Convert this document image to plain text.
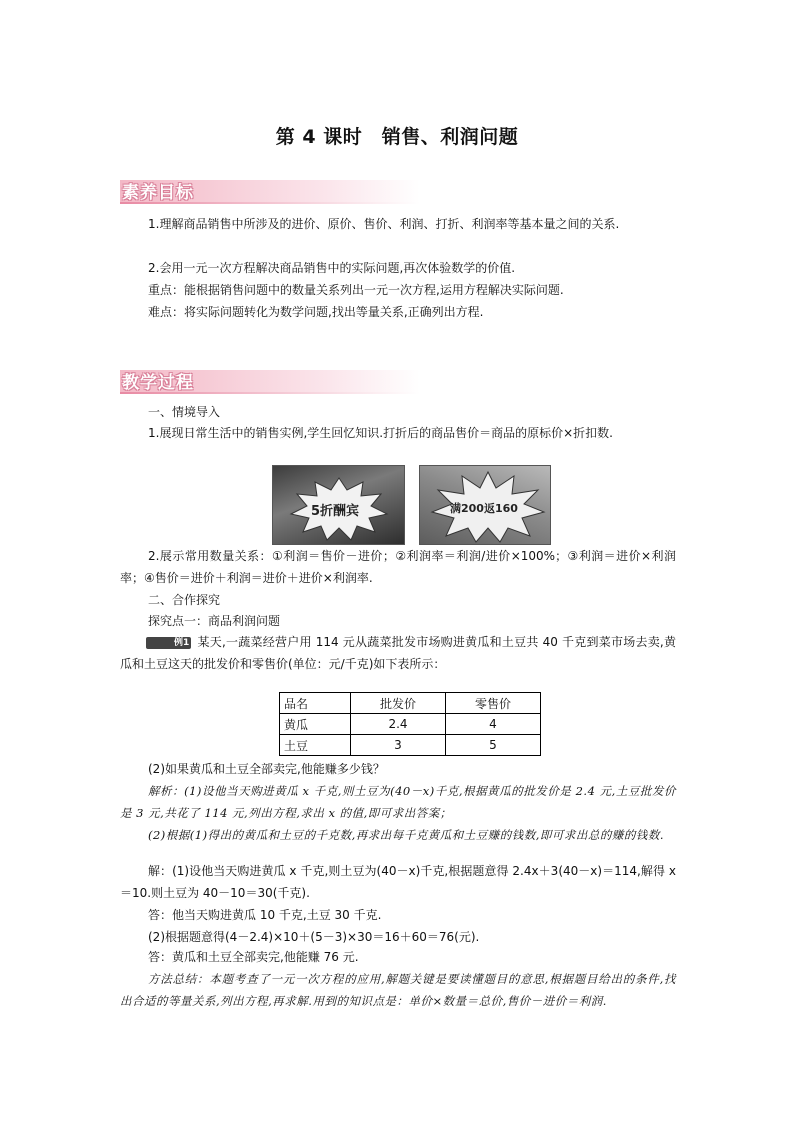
第 4 课时　销售、利润问题
素养目标
1.理解商品销售中所涉及的进价、原价、售价、利润、打折、利润率等基本量之间的关系.
2.会用一元一次方程解决商品销售中的实际问题,再次体验数学的价值.
重点：能根据销售问题中的数量关系列出一元一次方程,运用方程解决实际问题.
难点：将实际问题转化为数学问题,找出等量关系,正确列出方程.
教学过程
一、情境导入
1.展现日常生活中的销售实例,学生回忆知识.打折后的商品售价＝商品的原标价×折扣数.
5折酬宾	满200返160
2.展示常用数量关系：①利润＝售价－进价；②利润率＝利润/进价×100%；③利润＝进价×利润率；④售价＝进价＋利润＝进价＋进价×利润率.
二、合作探究
探究点一：商品利润问题
例1 某天,一蔬菜经营户用 114 元从蔬菜批发市场购进黄瓜和土豆共 40 千克到菜市场去卖,黄瓜和土豆这天的批发价和零售价(单位：元/千克)如下表所示：
品名	批发价	零售价
黄瓜	2.4	4
土豆	3	5
(2)如果黄瓜和土豆全部卖完,他能赚多少钱？
解析：(1)设他当天购进黄瓜 x 千克,则土豆为(40－x)千克,根据黄瓜的批发价是 2.4 元,土豆批发价是 3 元,共花了 114 元,列出方程,求出 x 的值,即可求出答案；
(2)根据(1)得出的黄瓜和土豆的千克数,再求出每千克黄瓜和土豆赚的钱数,即可求出总的赚的钱数.
解：(1)设他当天购进黄瓜 x 千克,则土豆为(40－x)千克,根据题意得 2.4x＋3(40－x)＝114,解得 x＝10.则土豆为 40－10＝30(千克).
答：他当天购进黄瓜 10 千克,土豆 30 千克.
(2)根据题意得(4－2.4)×10＋(5－3)×30＝16＋60＝76(元).
答：黄瓜和土豆全部卖完,他能赚 76 元.
方法总结：本题考查了一元一次方程的应用,解题关键是要读懂题目的意思,根据题目给出的条件,找出合适的等量关系,列出方程,再求解.用到的知识点是：单价×数量＝总价,售价－进价＝利润.
